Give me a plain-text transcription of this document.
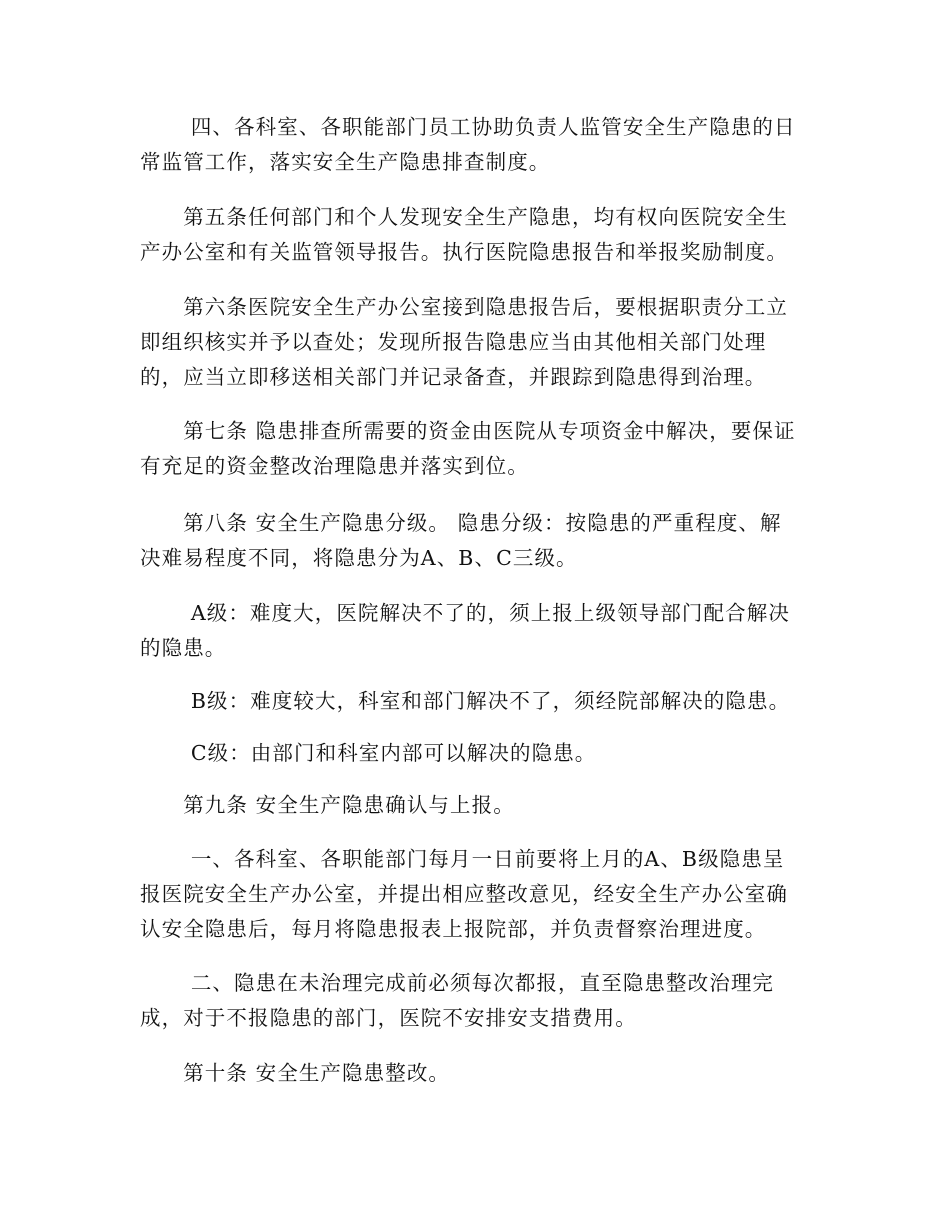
　　 四、各科室、各职能部门员工协助负责人监管安全生产隐患的日
常监管工作，落实安全生产隐患排查制度。

　　第五条任何部门和个人发现安全生产隐患，均有权向医院安全生
产办公室和有关监管领导报告。执行医院隐患报告和举报奖励制度。

　　第六条医院安全生产办公室接到隐患报告后，要根据职责分工立
即组织核实并予以查处；发现所报告隐患应当由其他相关部门处理
的，应当立即移送相关部门并记录备查，并跟踪到隐患得到治理。

　　第七条 隐患排查所需要的资金由医院从专项资金中解决，要保证
有充足的资金整改治理隐患并落实到位。

　　第八条 安全生产隐患分级。 隐患分级：按隐患的严重程度、解
决难易程度不同，将隐患分为A、B、C三级。

　　 A级：难度大，医院解决不了的，须上报上级领导部门配合解决
的隐患。

　　 B级：难度较大，科室和部门解决不了，须经院部解决的隐患。

　　 C级：由部门和科室内部可以解决的隐患。

　　第九条 安全生产隐患确认与上报。

　　 一、各科室、各职能部门每月一日前要将上月的A、B级隐患呈
报医院安全生产办公室，并提出相应整改意见，经安全生产办公室确
认安全隐患后，每月将隐患报表上报院部，并负责督察治理进度。

　　 二、隐患在未治理完成前必须每次都报，直至隐患整改治理完
成，对于不报隐患的部门，医院不安排安支措费用。

　　第十条 安全生产隐患整改。
